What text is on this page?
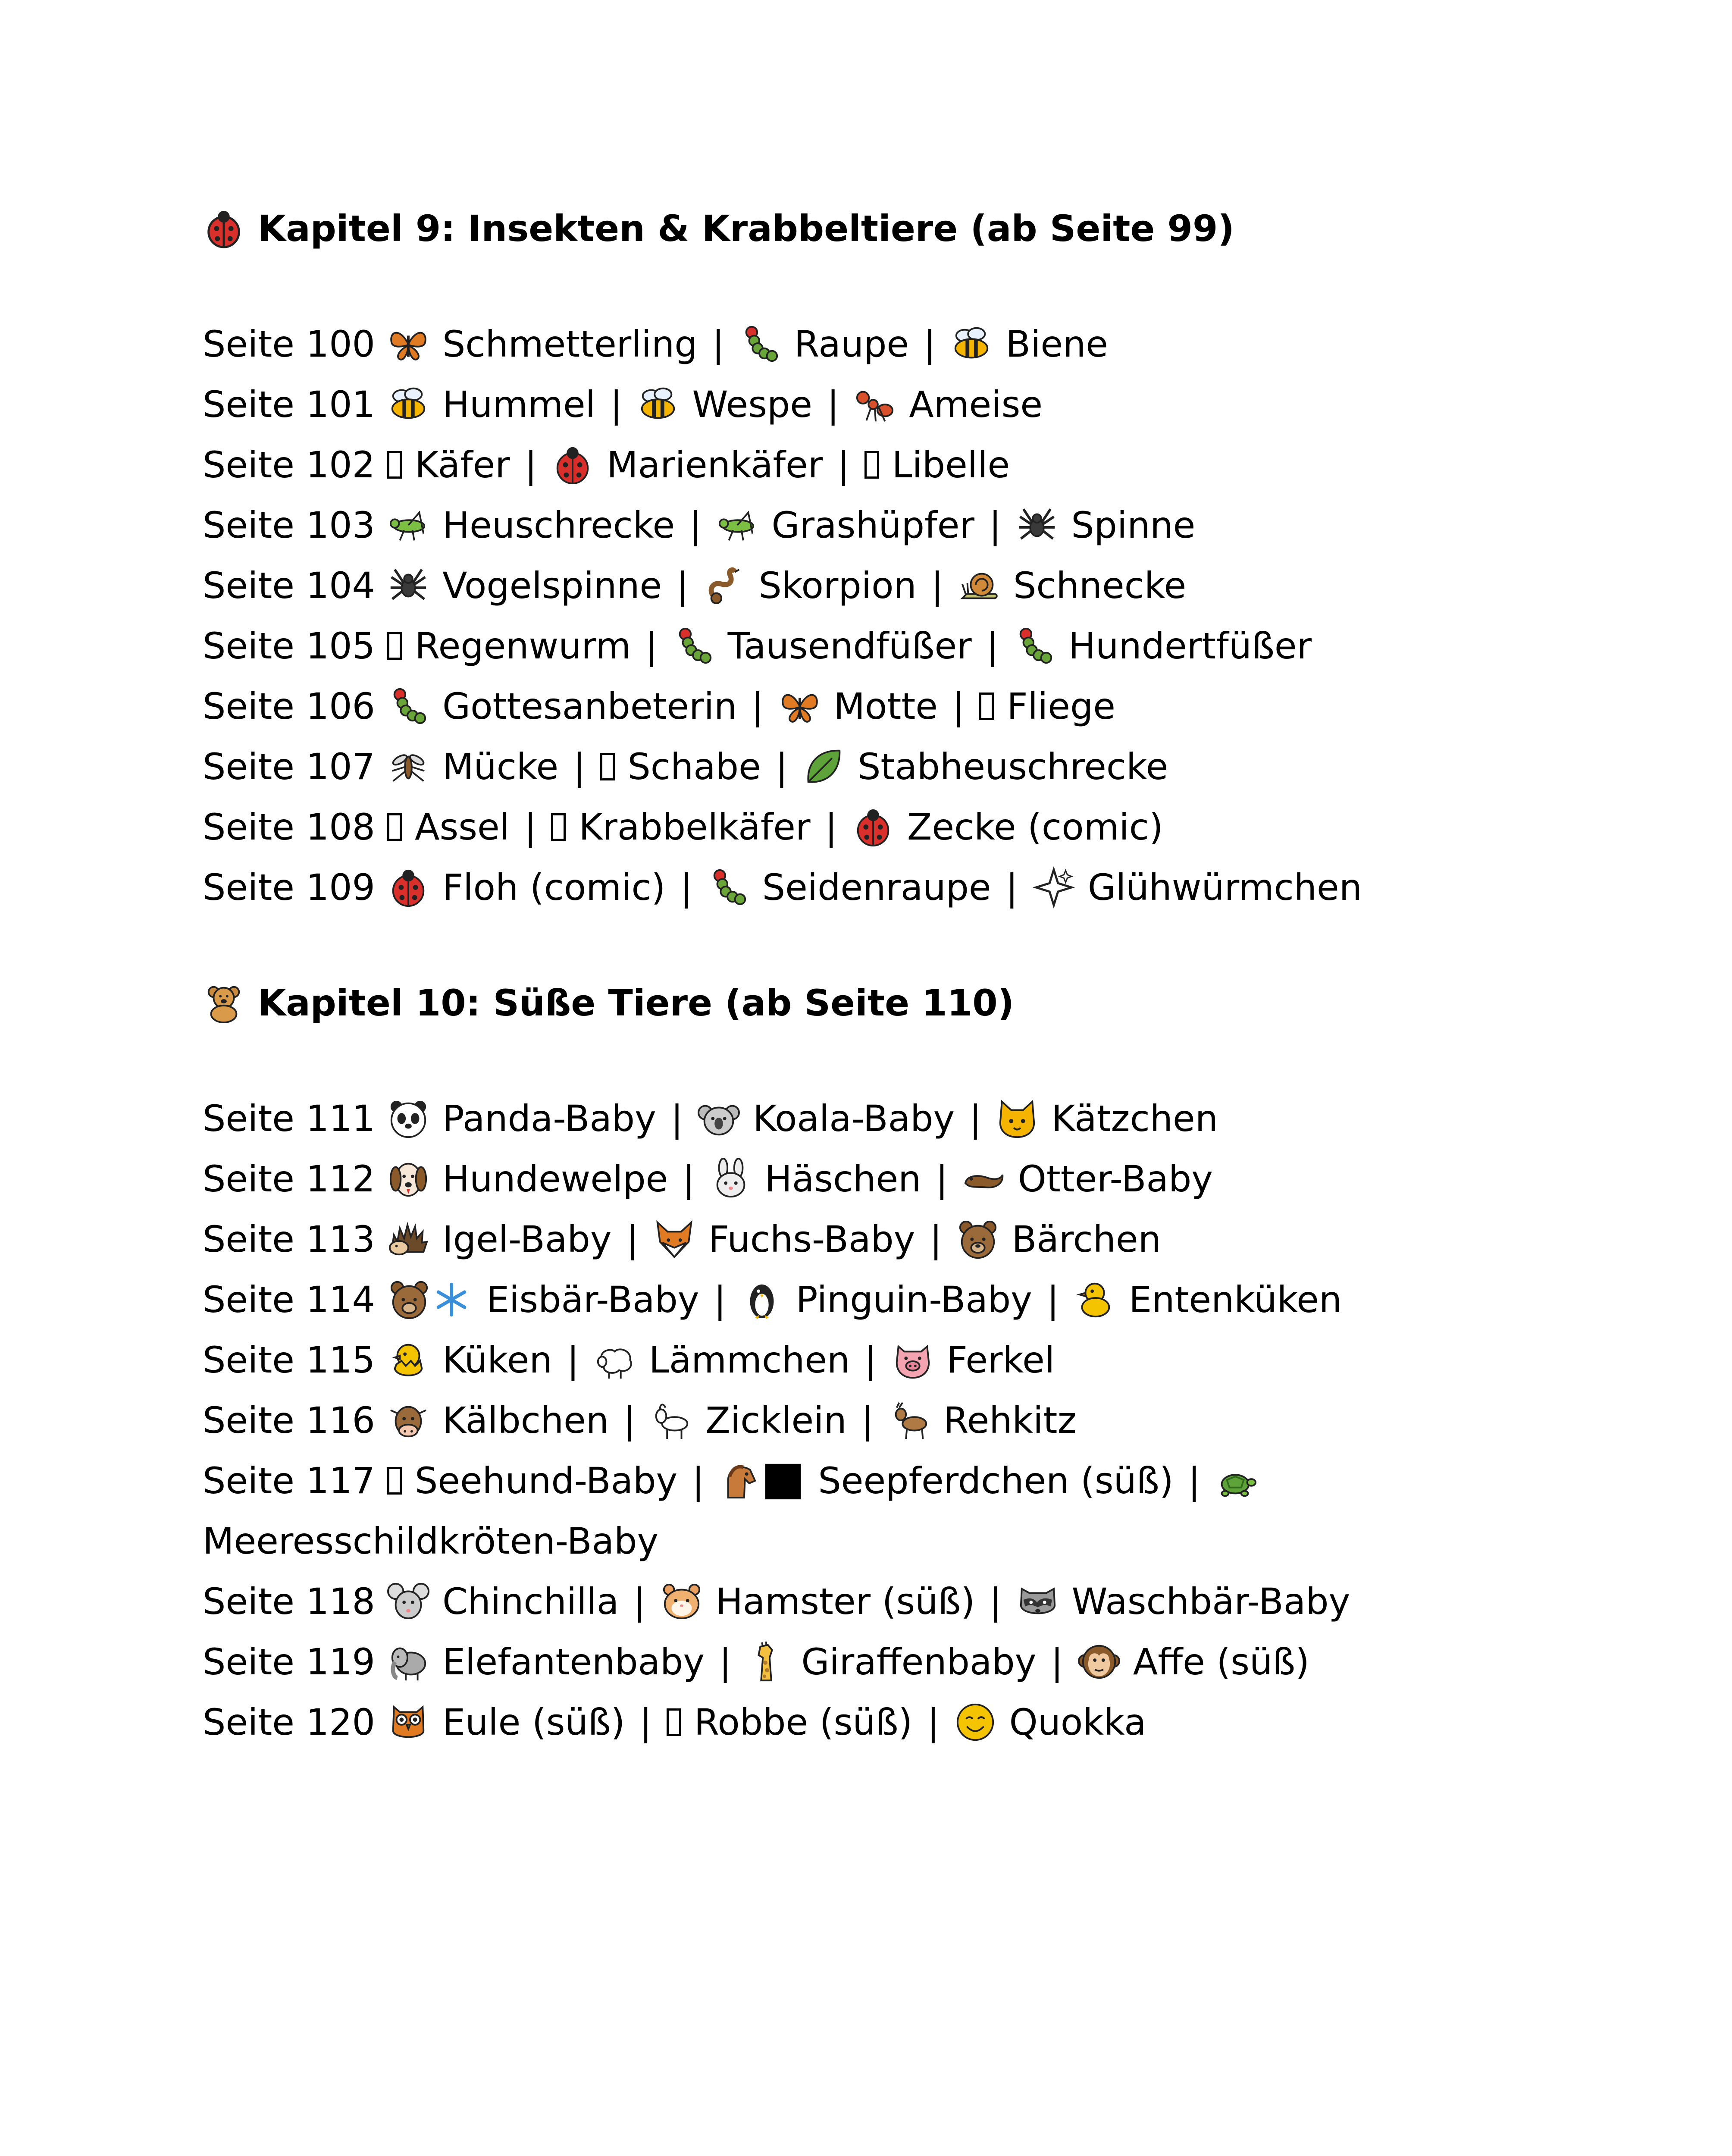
Kapitel 9: Insekten & Krabbeltiere (ab Seite 99)
Seite 100 Schmetterling | Raupe | Biene
Seite 101 Hummel | Wespe | Ameise
Seite 102 Käfer | Marienkäfer | Libelle
Seite 103 Heuschrecke | Grashüpfer | Spinne
Seite 104 Vogelspinne | Skorpion | Schnecke
Seite 105 Regenwurm | Tausendfüßer | Hundertfüßer
Seite 106 Gottesanbeterin | Motte | Fliege
Seite 107 Mücke | Schabe | Stabheuschrecke
Seite 108 Assel | Krabbelkäfer | Zecke (comic)
Seite 109 Floh (comic) | Seidenraupe | Glühwürmchen
Kapitel 10: Süße Tiere (ab Seite 110)
Seite 111 Panda-Baby | Koala-Baby | Kätzchen
Seite 112 Hundewelpe | Häschen | Otter-Baby
Seite 113 Igel-Baby | Fuchs-Baby | Bärchen
Seite 114	Eisbär-Baby | Pinguin-Baby | Entenküken
Seite 115 Küken | Lämmchen | Ferkel
Seite 116 Kälbchen | Zicklein | Rehkitz
Seite 117 Seehund-Baby |	Seepferdchen (süß) |
Meeresschildkröten-Baby
Seite 118 Chinchilla | Hamster (süß) | Waschbär-Baby
Seite 119 Elefantenbaby | Giraffenbaby | Affe (süß)
Seite 120 Eule (süß) | Robbe (süß) | Quokka
